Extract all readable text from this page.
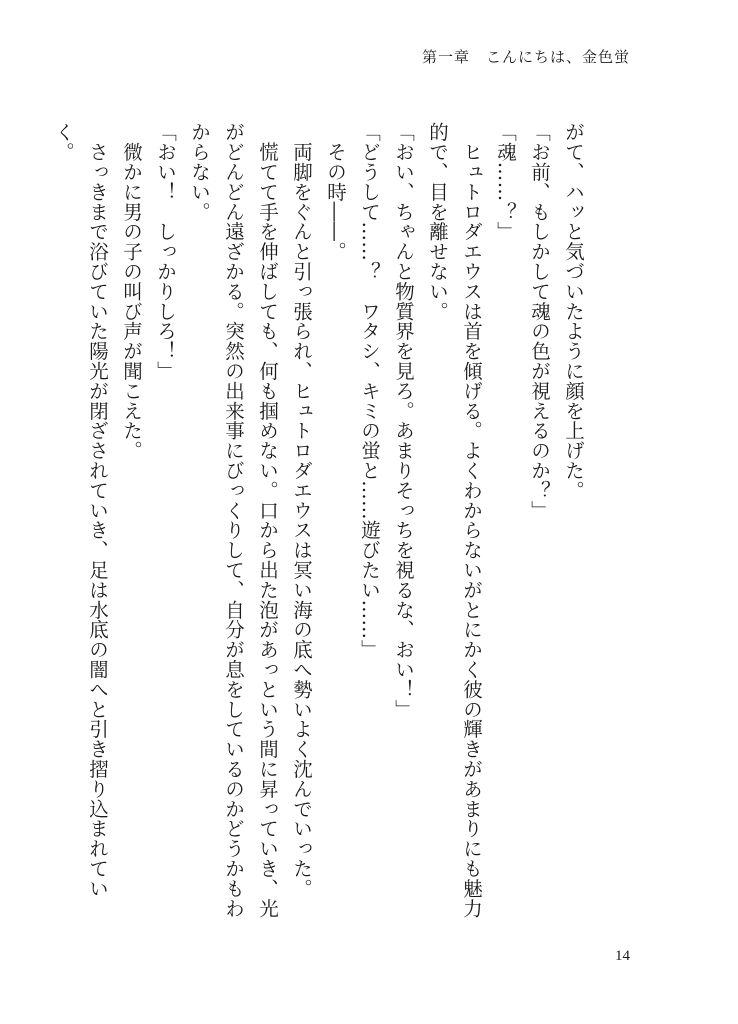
第一章　こんにちは、金色蛍

がて、ハッと気づいたように顔を上げた。

「お前、もしかして魂の色が視えるのか？」

「魂……？」

　ヒュトロダエウスは首を傾げる。よくわからないがとにかく彼の輝きがあまりにも魅力

的で、目を離せない。

「おい、ちゃんと物質界を見ろ。あまりそっちを視るな、おい！」

「どうして……？　ワタシ、キミの蛍と……遊びたい……」

　その時――。

　両脚をぐんと引っ張られ、ヒュトロダエウスは冥い海の底へ勢いよく沈んでいった。

　慌てて手を伸ばしても、何も掴めない。口から出た泡があっという間に昇っていき、光

がどんどん遠ざかる。突然の出来事にびっくりして、自分が息をしているのかどうかもわ

からない。

「おい！　しっかりしろ！」

　微かに男の子の叫び声が聞こえた。

　さっきまで浴びていた陽光が閉ざされていき、足は水底の闇へと引き摺り込まれていく。

14
